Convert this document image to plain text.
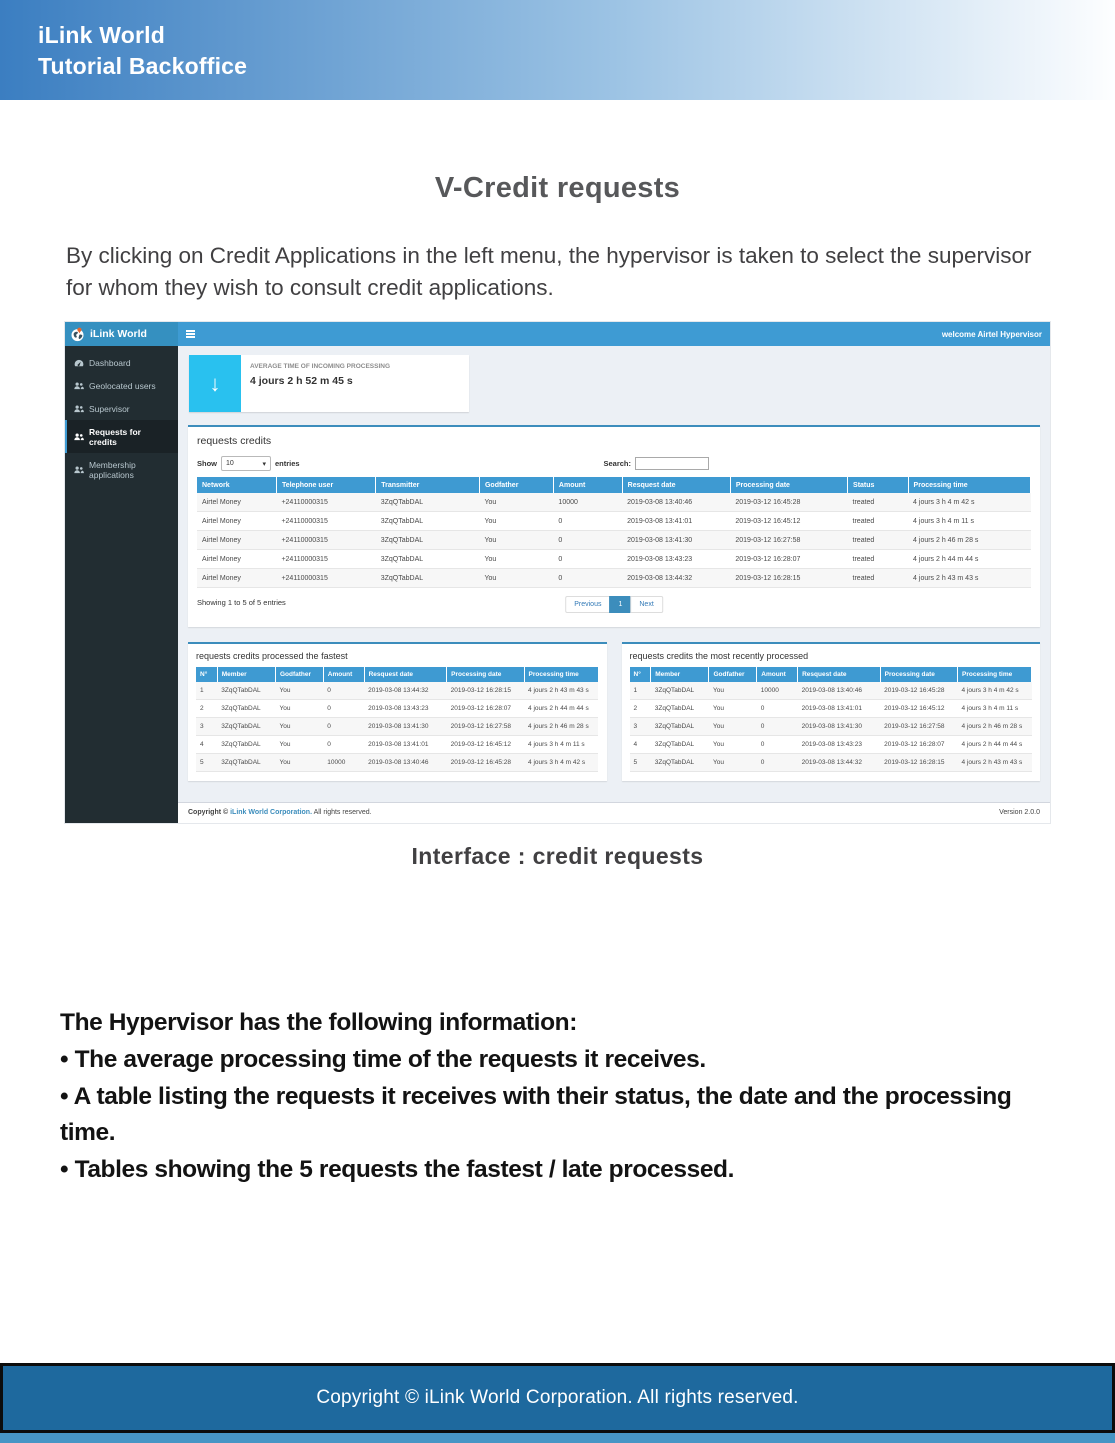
iLink World
Tutorial Backoffice
V-Credit requests
By clicking on Credit Applications in the left menu, the hypervisor is taken to select the supervisor for whom they wish to consult credit applications.
iLink World	welcome Airtel Hypervisor
Dashboard
Geolocated users
Supervisor
Requests for credits
Membership applications
↓
AVERAGE TIME OF INCOMING PROCESSING
4 jours 2 h 52 m 45 s
requests credits
Show 10	▾ entries	Search:
Network	Telephone user	Transmitter	Godfather	Amount	Resquest date	Processing date	Status	Processing time
Airtel Money	+24110000315	3ZqQTabDAL	You	10000	2019-03-08 13:40:46	2019-03-12 16:45:28	treated	4 jours 3 h 4 m 42 s
Airtel Money	+24110000315	3ZqQTabDAL	You	0	2019-03-08 13:41:01	2019-03-12 16:45:12	treated	4 jours 3 h 4 m 11 s
Airtel Money	+24110000315	3ZqQTabDAL	You	0	2019-03-08 13:41:30	2019-03-12 16:27:58	treated	4 jours 2 h 46 m 28 s
Airtel Money	+24110000315	3ZqQTabDAL	You	0	2019-03-08 13:43:23	2019-03-12 16:28:07	treated	4 jours 2 h 44 m 44 s
Airtel Money	+24110000315	3ZqQTabDAL	You	0	2019-03-08 13:44:32	2019-03-12 16:28:15	treated	4 jours 2 h 43 m 43 s
Showing 1 to 5 of 5 entries	Previous	1	Next
requests credits processed the fastest
N°	Member	Godfather	Amount	Resquest date	Processing date	Processing time
1	3ZqQTabDAL	You	0	2019-03-08 13:44:32	2019-03-12 16:28:15	4 jours 2 h 43 m 43 s
2	3ZqQTabDAL	You	0	2019-03-08 13:43:23	2019-03-12 16:28:07	4 jours 2 h 44 m 44 s
3	3ZqQTabDAL	You	0	2019-03-08 13:41:30	2019-03-12 16:27:58	4 jours 2 h 46 m 28 s
4	3ZqQTabDAL	You	0	2019-03-08 13:41:01	2019-03-12 16:45:12	4 jours 3 h 4 m 11 s
5	3ZqQTabDAL	You	10000	2019-03-08 13:40:46	2019-03-12 16:45:28	4 jours 3 h 4 m 42 s
requests credits the most recently processed
N°	Member	Godfather	Amount	Resquest date	Processing date	Processing time
1	3ZqQTabDAL	You	10000	2019-03-08 13:40:46	2019-03-12 16:45:28	4 jours 3 h 4 m 42 s
2	3ZqQTabDAL	You	0	2019-03-08 13:41:01	2019-03-12 16:45:12	4 jours 3 h 4 m 11 s
3	3ZqQTabDAL	You	0	2019-03-08 13:41:30	2019-03-12 16:27:58	4 jours 2 h 46 m 28 s
4	3ZqQTabDAL	You	0	2019-03-08 13:43:23	2019-03-12 16:28:07	4 jours 2 h 44 m 44 s
5	3ZqQTabDAL	You	0	2019-03-08 13:44:32	2019-03-12 16:28:15	4 jours 2 h 43 m 43 s
Copyright © iLink World Corporation. All rights reserved.	Version 2.0.0
Interface : credit requests
The Hypervisor has the following information:
• The average processing time of the requests it receives.
• A table listing the requests it receives with their status, the date and the processing time.
• Tables showing the 5 requests the fastest / late processed.
Copyright © iLink World Corporation. All rights reserved.
